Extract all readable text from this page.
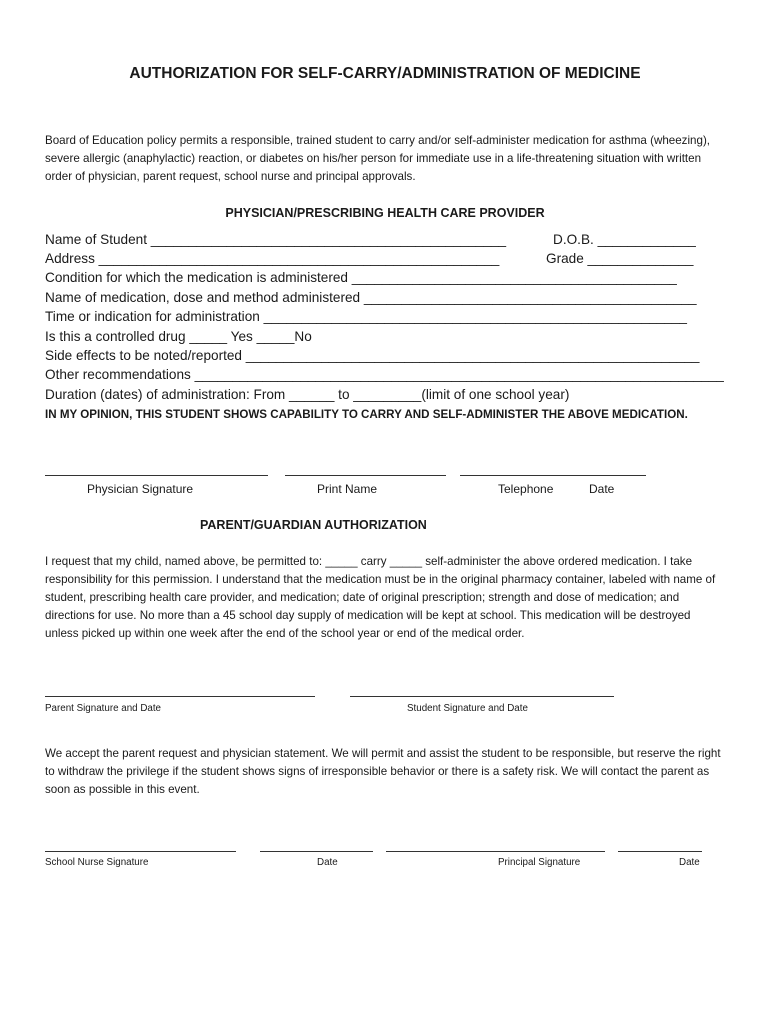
AUTHORIZATION FOR SELF-CARRY/ADMINISTRATION OF MEDICINE

Board of Education policy permits a responsible, trained student to carry and/or self-administer medication for asthma (wheezing), severe allergic (anaphylactic) reaction, or diabetes on his/her person for immediate use in a life-threatening situation with written order of physician, parent request, school nurse and principal approvals.

PHYSICIAN/PRESCRIBING HEALTH CARE PROVIDER
Name of Student _______________________________________________	D.O.B. _____________
Address _____________________________________________________	Grade ______________
Condition for which the medication is administered ___________________________________________
Name of medication, dose and method administered ____________________________________________
Time or indication for administration ________________________________________________________
Is this a controlled drug _____ Yes _____No
Side effects to be noted/reported ____________________________________________________________
Other recommendations ______________________________________________________________________
Duration (dates) of administration: From ______ to _________(limit of one school year)

IN MY OPINION, THIS STUDENT SHOWS CAPABILITY TO CARRY AND SELF-ADMINISTER THE ABOVE MEDICATION.

Physician Signature	Print Name	Telephone	Date
PARENT/GUARDIAN AUTHORIZATION

I request that my child, named above, be permitted to: _____ carry _____ self-administer the above ordered medication. I take responsibility for this permission. I understand that the medication must be in the original pharmacy container, labeled with name of student, prescribing health care provider, and medication; date of original prescription; strength and dose of medication; and directions for use. No more than a 45 school day supply of medication will be kept at school. This medication will be destroyed unless picked up within one week after the end of the school year or end of the medical order.

Parent Signature and Date	Student Signature and Date

We accept the parent request and physician statement. We will permit and assist the student to be responsible, but reserve the right to withdraw the privilege if the student shows signs of irresponsible behavior or there is a safety risk. We will contact the parent as soon as possible in this event.

School Nurse Signature	Date	Principal Signature	Date
